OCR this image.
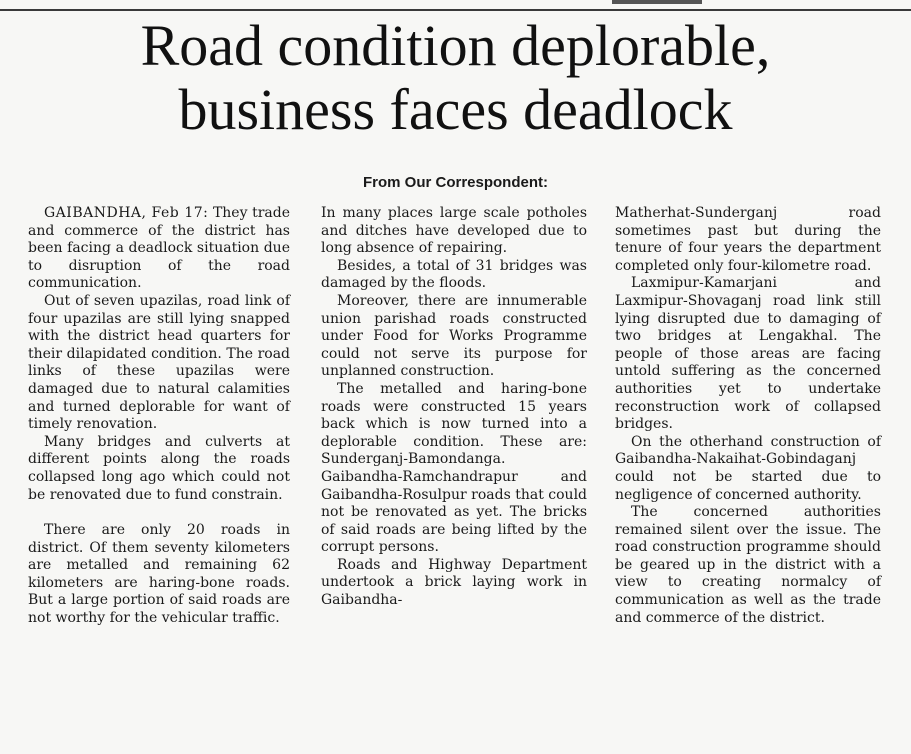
Road condition deplorable,
business faces deadlock
From Our Correspondent:

GAIBANDHA, Feb 17: They trade and commerce of the district has been facing a deadlock situation due to disruption of the road communication.

Out of seven upazilas, road link of four upazilas are still lying snapped with the district head quarters for their dilapidated condition. The road links of these upazilas were damaged due to natural calamities and turned deplorable for want of timely renovation.

Many bridges and culverts at different points along the roads collapsed long ago which could not be renovated due to fund constrain.

There are only 20 roads in district. Of them seventy kilometers are metalled and remaining 62 kilometers are haring-bone roads. But a large portion of said roads are not worthy for the vehicular traffic.

In many places large scale potholes and ditches have developed due to long absence of repairing.

Besides, a total of 31 bridges was damaged by the floods.

Moreover, there are innumerable union parishad roads constructed under Food for Works Programme could not serve its purpose for unplanned construction.

The metalled and haring-bone roads were constructed 15 years back which is now turned into a deplorable condition. These are: Sunderganj-Bamondanga. Gaibandha-Ramchandrapur and Gaibandha-Rosulpur roads that could not be renovated as yet. The bricks of said roads are being lifted by the corrupt persons.

Roads and Highway Department undertook a brick laying work in Gaibandha-

Matherhat-Sunderganj road sometimes past but during the tenure of four years the department completed only four-kilometre road.

Laxmipur-Kamarjani and Laxmipur-Shovaganj road link still lying disrupted due to damaging of two bridges at Lengakhal. The people of those areas are facing untold suffering as the concerned authorities yet to undertake reconstruction work of collapsed bridges.

On the otherhand construction of Gaibandha-Nakaihat-Gobindaganj could not be started due to negligence of concerned authority.

The concerned authorities remained silent over the issue. The road construction programme should be geared up in the district with a view to creating normalcy of communication as well as the trade and commerce of the district.
